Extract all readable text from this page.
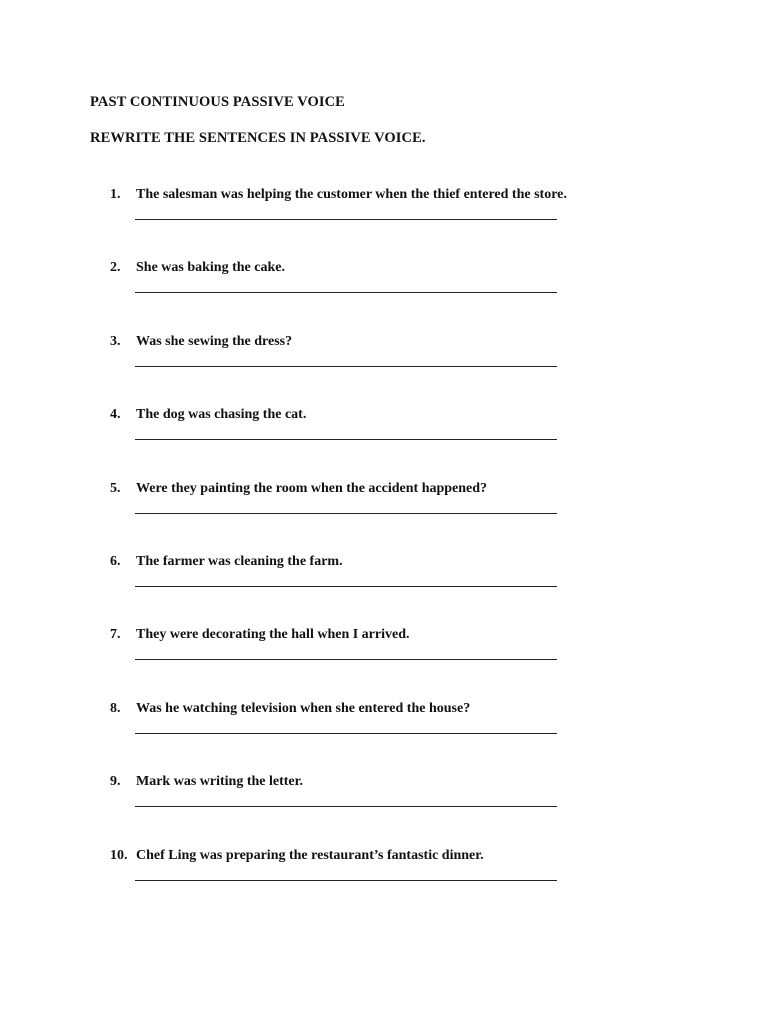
PAST CONTINUOUS PASSIVE VOICE
REWRITE THE SENTENCES IN PASSIVE VOICE.
1.	The salesman was helping the customer when the thief entered the store.
2.	She was baking the cake.
3.	Was she sewing the dress?
4.	The dog was chasing the cat.
5.	Were they painting the room when the accident happened?
6.	The farmer was cleaning the farm.
7.	They were decorating the hall when I arrived.
8.	Was he watching television when she entered the house?
9.	Mark was writing the letter.
10. Chef Ling was preparing the restaurant’s fantastic dinner.
